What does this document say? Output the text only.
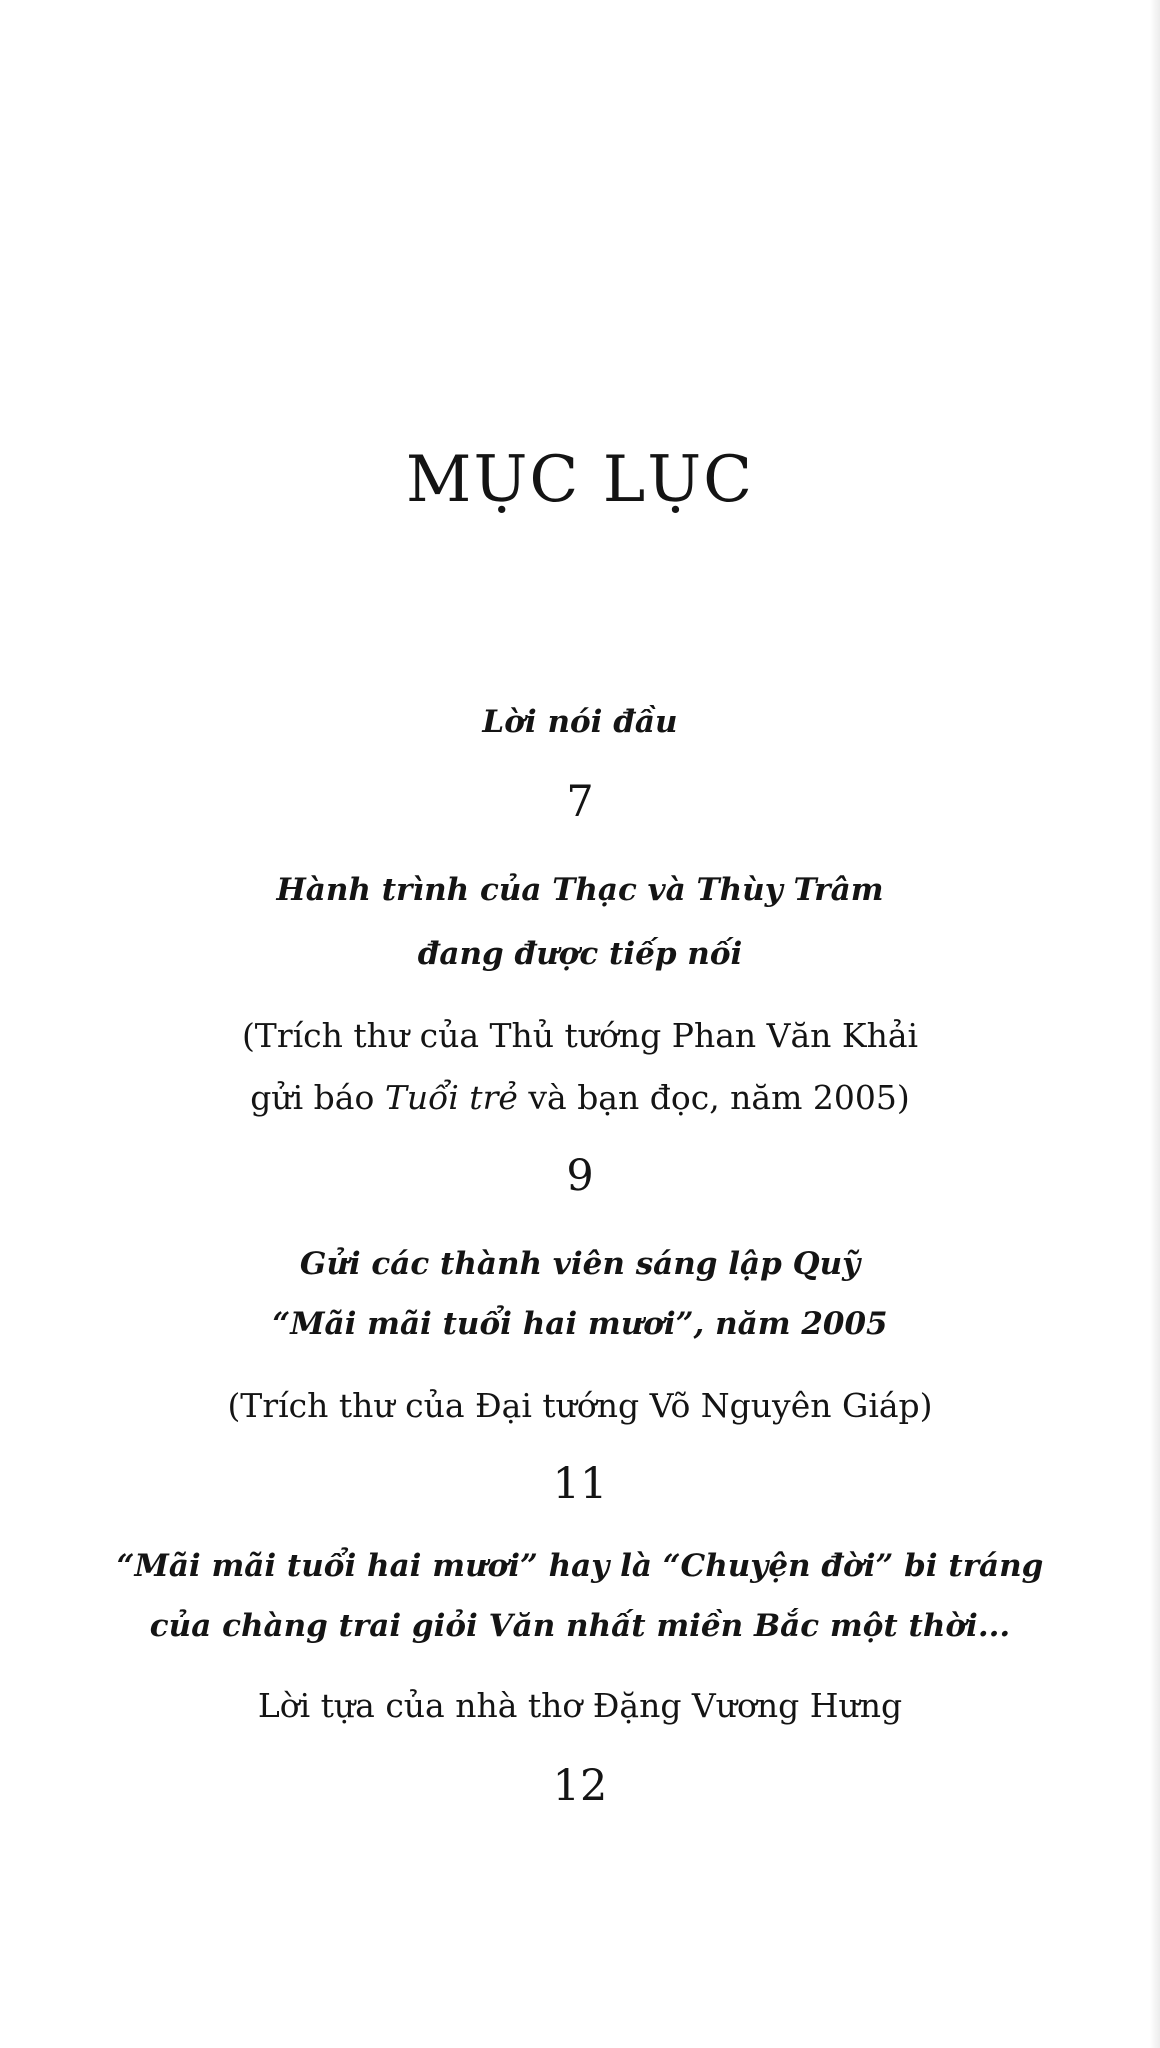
MỤC LỤC
Lời nói đầu
7
Hành trình của Thạc và Thùy Trâm
đang được tiếp nối
(Trích thư của Thủ tướng Phan Văn Khải
gửi báo Tuổi trẻ và bạn đọc, năm 2005)
9
Gửi các thành viên sáng lập Quỹ
“Mãi mãi tuổi hai mươi”, năm 2005
(Trích thư của Đại tướng Võ Nguyên Giáp)
11
“Mãi mãi tuổi hai mươi” hay là “Chuyện đời” bi tráng
của chàng trai giỏi Văn nhất miền Bắc một thời...
Lời tựa của nhà thơ Đặng Vương Hưng
12
